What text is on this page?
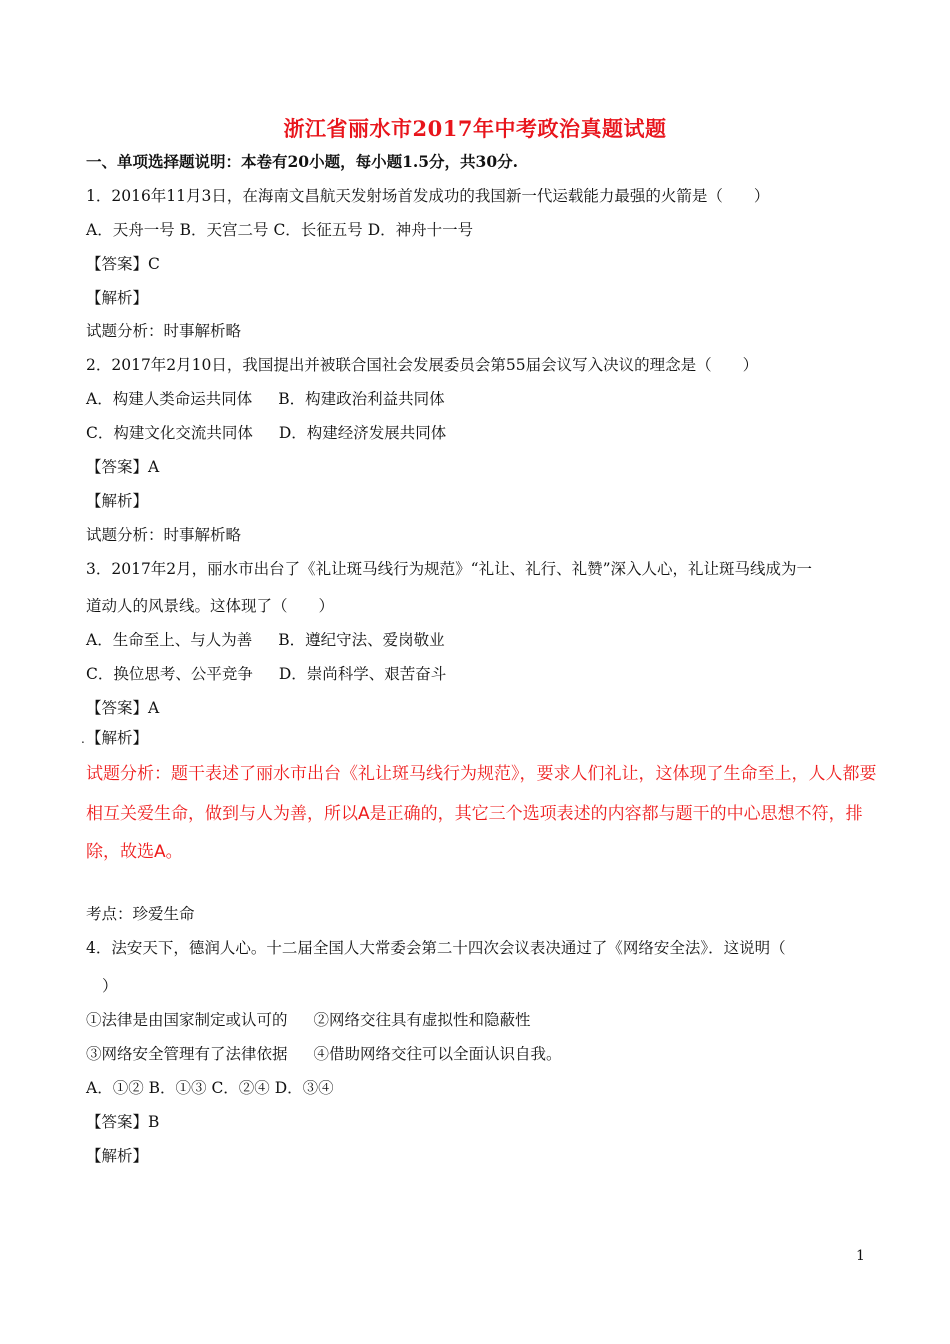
浙江省丽水市2017年中考政治真题试题
一、单项选择题说明：本卷有20小题，每小题1.5分，共30分.
1．2016年11月3日，在海南文昌航天发射场首发成功的我国新一代运载能力最强的火箭是（　　）
A．天舟一号 B．天宫二号 C．长征五号 D．神舟十一号
【答案】C
【解析】
试题分析：时事解析略
2．2017年2月10日，我国提出并被联合国社会发展委员会第55届会议写入决议的理念是（　　）
A．构建人类命运共同体 B．构建政治利益共同体
C．构建文化交流共同体 D．构建经济发展共同体
【答案】A
【解析】
试题分析：时事解析略
3．2017年2月，丽水市出台了《礼让斑马线行为规范》“礼让、礼行、礼赞”深入人心，礼让斑马线成为一
道动人的风景线。这体现了（　　）
A．生命至上、与人为善 B．遵纪守法、爱岗敬业
C．换位思考、公平竞争 D．崇尚科学、艰苦奋斗
【答案】A
. 【解析】
试题分析：题干表述了丽水市出台《礼让斑马线行为规范》，要求人们礼让，这体现了生命至上，人人都要
相互关爱生命，做到与人为善，所以A是正确的，其它三个选项表述的内容都与题干的中心思想不符，排
除，故选A。
考点：珍爱生命
4．法安天下，德润人心。十二届全国人大常委会第二十四次会议表决通过了《网络安全法》．这说明（
）
①法律是由国家制定或认可的 ②网络交往具有虚拟性和隐蔽性
③网络安全管理有了法律依据 ④借助网络交往可以全面认识自我。
A．①② B．①③ C．②④ D．③④
【答案】B
【解析】
1
